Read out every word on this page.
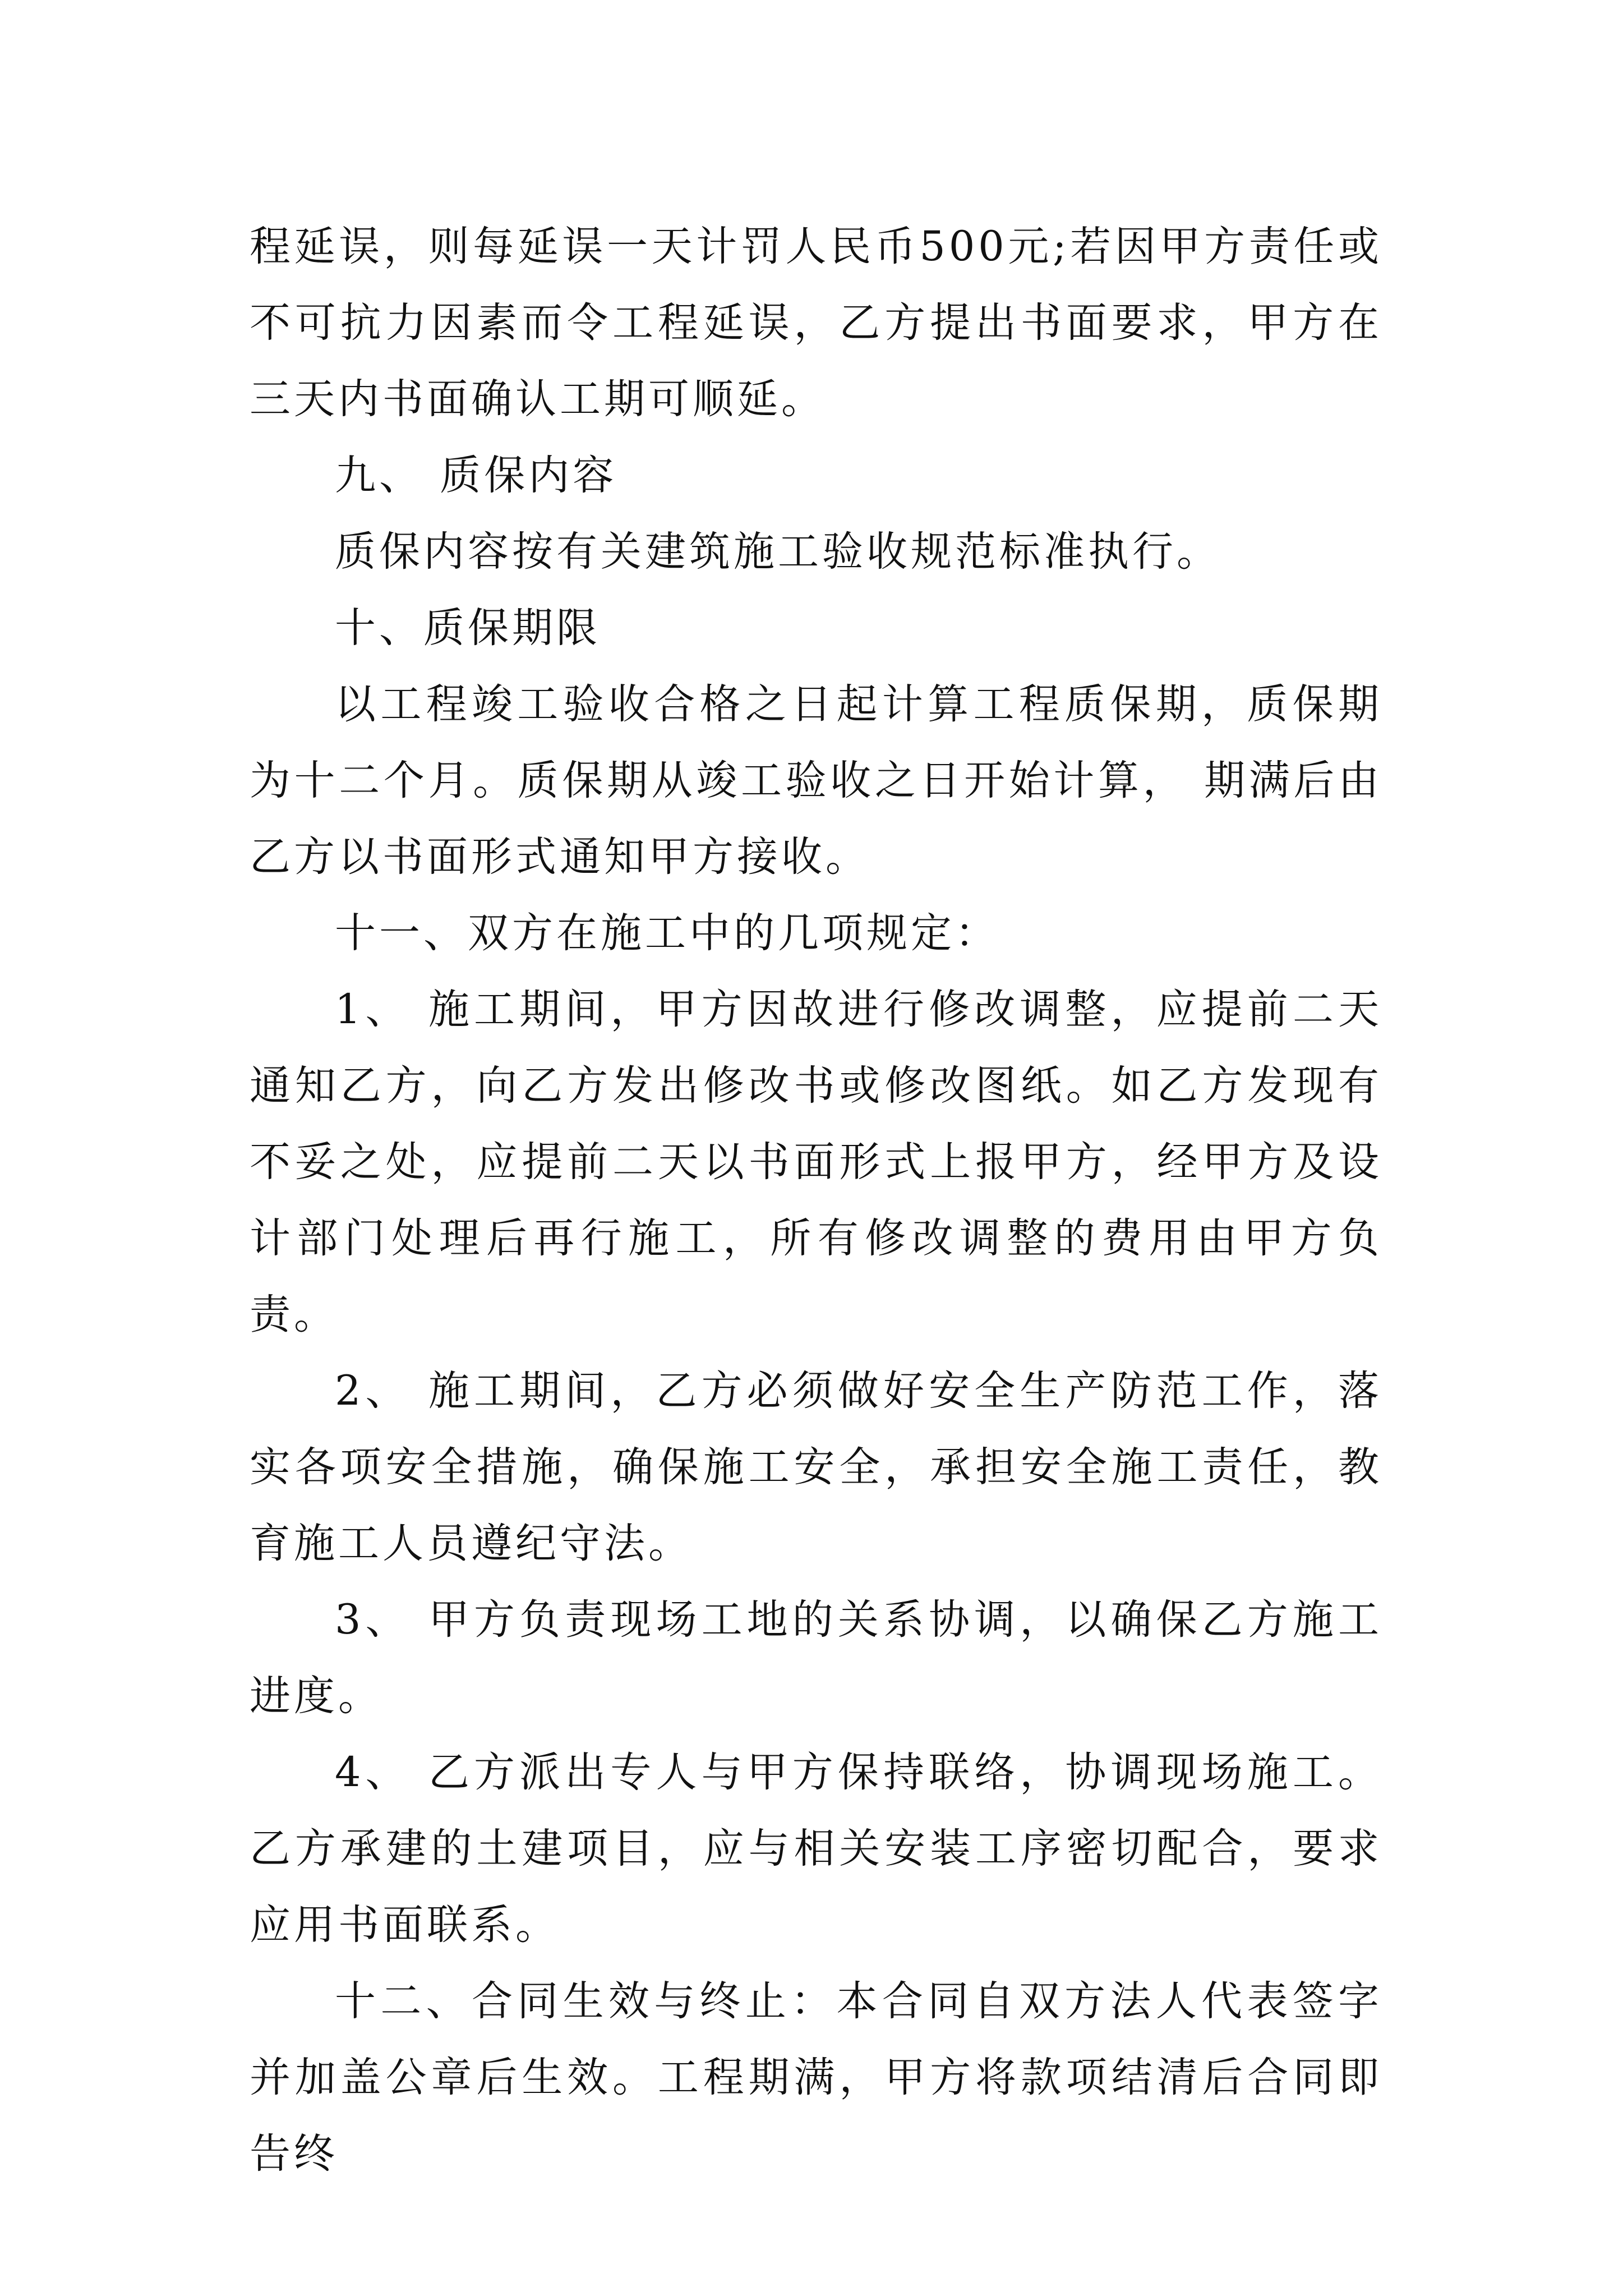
程延误，则每延误一天计罚人民币500元;若因甲方责任或不可抗力因素而令工程延误，乙方提出书面要求，甲方在三天内书面确认工期可顺延。

九、 质保内容

质保内容按有关建筑施工验收规范标准执行。

十、质保期限

以工程竣工验收合格之日起计算工程质保期，质保期为十二个月。质保期从竣工验收之日开始计算， 期满后由乙方以书面形式通知甲方接收。

十一、双方在施工中的几项规定：

1、 施工期间，甲方因故进行修改调整，应提前二天通知乙方，向乙方发出修改书或修改图纸。如乙方发现有不妥之处，应提前二天以书面形式上报甲方，经甲方及设计部门处理后再行施工，所有修改调整的费用由甲方负责。

2、 施工期间，乙方必须做好安全生产防范工作，落实各项安全措施，确保施工安全，承担安全施工责任，教育施工人员遵纪守法。

3、 甲方负责现场工地的关系协调，以确保乙方施工进度。

4、 乙方派出专人与甲方保持联络，协调现场施工。乙方承建的土建项目，应与相关安装工序密切配合，要求应用书面联系。

十二、合同生效与终止：本合同自双方法人代表签字并加盖公章后生效。工程期满，甲方将款项结清后合同即告终
